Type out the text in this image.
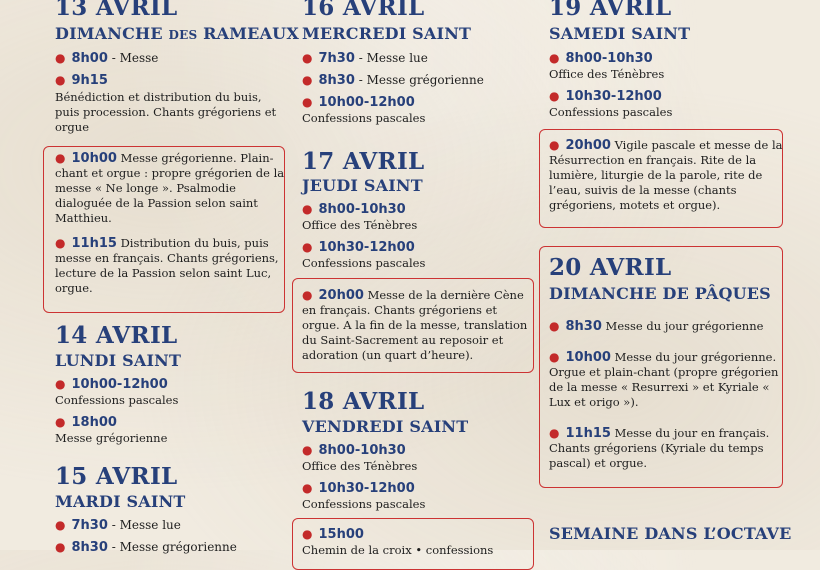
13 AVRIL
DIMANCHE DES RAMEAUX
● 8h00 - Messe
● 9h15
Bénédiction et distribution du buis, puis procession. Chants grégoriens et orgue
● 10h00 Messe grégorienne. Plain-chant et orgue : propre grégorien de la messe « Ne longe ». Psalmodie dialoguée de la Passion selon saint Matthieu.
● 11h15 Distribution du buis, puis messe en français. Chants grégoriens, lecture de la Passion selon saint Luc, orgue.
14 AVRIL
LUNDI SAINT
● 10h00-12h00
Confessions pascales
● 18h00
Messe grégorienne
15 AVRIL
MARDI SAINT
● 7h30 - Messe lue
● 8h30 - Messe grégorienne
16 AVRIL
MERCREDI SAINT
● 7h30 - Messe lue
● 8h30 - Messe grégorienne
● 10h00-12h00
Confessions pascales
17 AVRIL
JEUDI SAINT
● 8h00-10h30
Office des Ténèbres
● 10h30-12h00
Confessions pascales
● 20h00 Messe de la dernière Cène en français. Chants grégoriens et orgue. A la fin de la messe, translation du Saint-Sacrement au reposoir et adoration (un quart d’heure).
18 AVRIL
VENDREDI SAINT
● 8h00-10h30
Office des Ténèbres
● 10h30-12h00
Confessions pascales
● 15h00
Chemin de la croix • confessions
19 AVRIL
SAMEDI SAINT
● 8h00-10h30
Office des Ténèbres
● 10h30-12h00
Confessions pascales
● 20h00 Vigile pascale et messe de la Résurrection en français. Rite de la lumière, liturgie de la parole, rite de l’eau, suivis de la messe (chants grégoriens, motets et orgue).
20 AVRIL
DIMANCHE DE PÂQUES
● 8h30 Messe du jour grégorienne
● 10h00 Messe du jour grégorienne. Orgue et plain-chant (propre grégorien de la messe « Resurrexi » et Kyriale « Lux et origo »).
● 11h15 Messe du jour en français. Chants grégoriens (Kyriale du temps pascal) et orgue.
SEMAINE DANS L’OCTAVE
